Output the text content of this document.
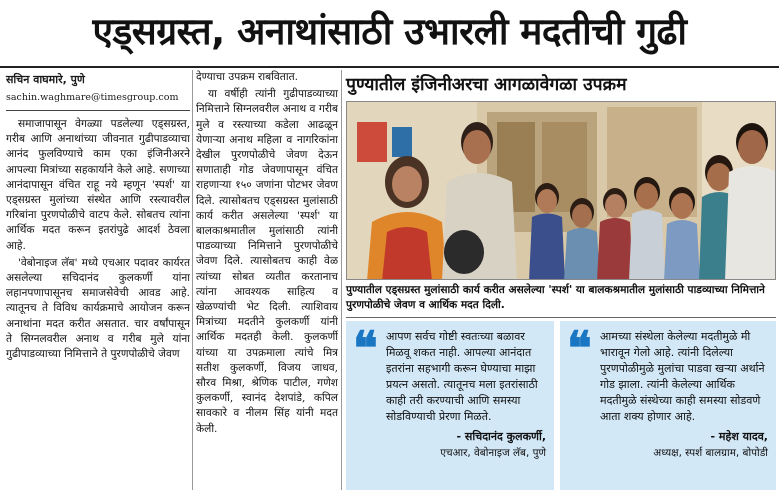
एड्‌सग्रस्त, अनाथांसाठी उभारली मदतीची गुढी
सचिन वाघमारे, पुणे
sachin.waghmare@timesgroup.com

समाजापासून वेगळ्या पडलेल्या एड्‌सग्रस्त, गरीब आणि अनाथांच्या जीवनात गुढीपाडव्याचा आनंद फुलविण्याचे काम एका इंजिनीअरने आपल्या मित्रांच्या सहकार्याने केले आहे. सणाच्या आनंदापासून वंचित राहू नये म्हणून 'स्पर्श' या एड्‌सग्रस्त मुलांच्या संस्थेत आणि रस्त्यावरील गरिबांना पुरणपोळीचे वाटप केले. सोबतच त्यांना आर्थिक मदत करून इतरांपुढे आदर्श ठेवला आहे.

'वेबोनाइज लॅब' मध्ये एचआर पदावर कार्यरत असलेल्या सचिदानंद कुलकर्णी यांना लहानपणापासूनच समाजसेवेची आवड आहे. त्यातूनच ते विविध कार्यक्रमाचे आयोजन करून अनाथांना मदत करीत असतात. चार वर्षांपासून ते सिग्नलवरील अनाथ व गरीब मुले यांना गुढीपाडव्याच्या निमित्ताने ते पुरणपोळीचे जेवण

देण्याचा उपक्रम राबवितात.

या वर्षीही त्यांनी गुढीपाडव्याच्या निमित्ताने सिग्नलवरील अनाथ व गरीब मुले व रस्त्याच्या कडेला आढळून येणाऱ्या अनाथ महिला व नागरिकांना देखील पुरणपोळीचे जेवण देऊन सणाताही गोड जेवणापासून वंचित राहणाऱ्या १५० जणांना पोटभर जेवण दिले. त्यासोबतच एड्‌सग्रस्त मुलांसाठी कार्य करीत असलेल्या 'स्पर्श' या बालकाश्रमातील मुलांसाठी त्यांनी पाडव्याच्या निमित्ताने पुरणपोळीचे जेवण दिले. त्यासोबतच काही वेळ त्यांच्या सोबत व्यतीत करतानाच त्यांना आवश्यक साहित्य व खेळण्यांची भेट दिली. त्याशिवाय मित्रांच्या मदतीने कुलकर्णी यांनी आर्थिक मदतही केली. कुलकर्णी यांच्या या उपक्रमाला त्यांचे मित्र सतीश कुलकर्णी, विजय जाधव, सौरव मिश्रा, श्रेणिक पाटील, गणेश कुलकर्णी, स्वानंद देशपांडे, कपिल सावकारे व नीलम सिंह यांनी मदत केली.

पुण्यातील इंजिनीअरचा आगळावेगळा उपक्रम
पुण्यातील एड्‌सग्रस्त मुलांसाठी कार्य करीत असलेल्या 'स्पर्श' या बालकश्रमातील मुलांसाठी पाडव्याच्या निमित्ताने पुरणपोळीचे जेवण व आर्थिक मदत दिली.
❝ आपण सर्वच गोष्टी स्वतःच्या बळावर मिळवू शकत नाही. आपल्या आनंदात इतरांना सहभागी करून घेण्याचा माझा प्रयत्न असतो. त्यातूनच मला इतरांसाठी काही तरी करण्याची आणि समस्या सोडविण्याची प्रेरणा मिळते.
- सचिदानंद कुलकर्णी,
एचआर, वेबोनाइज लॅब, पुणे
❝ आमच्या संस्थेला केलेल्या मदतीमुळे मी भारावून गेलो आहे. त्यांनी दिलेल्या पुरणपोळीमुळे मुलांचा पाडवा खऱ्या अर्थाने गोड झाला. त्यांनी केलेल्या आर्थिक मदतीमुळे संस्थेच्या काही समस्या सोडवणे आता शक्य होणार आहे.
- महेश यादव,
अध्यक्ष, स्पर्श बालग्राम, बोपोडी
